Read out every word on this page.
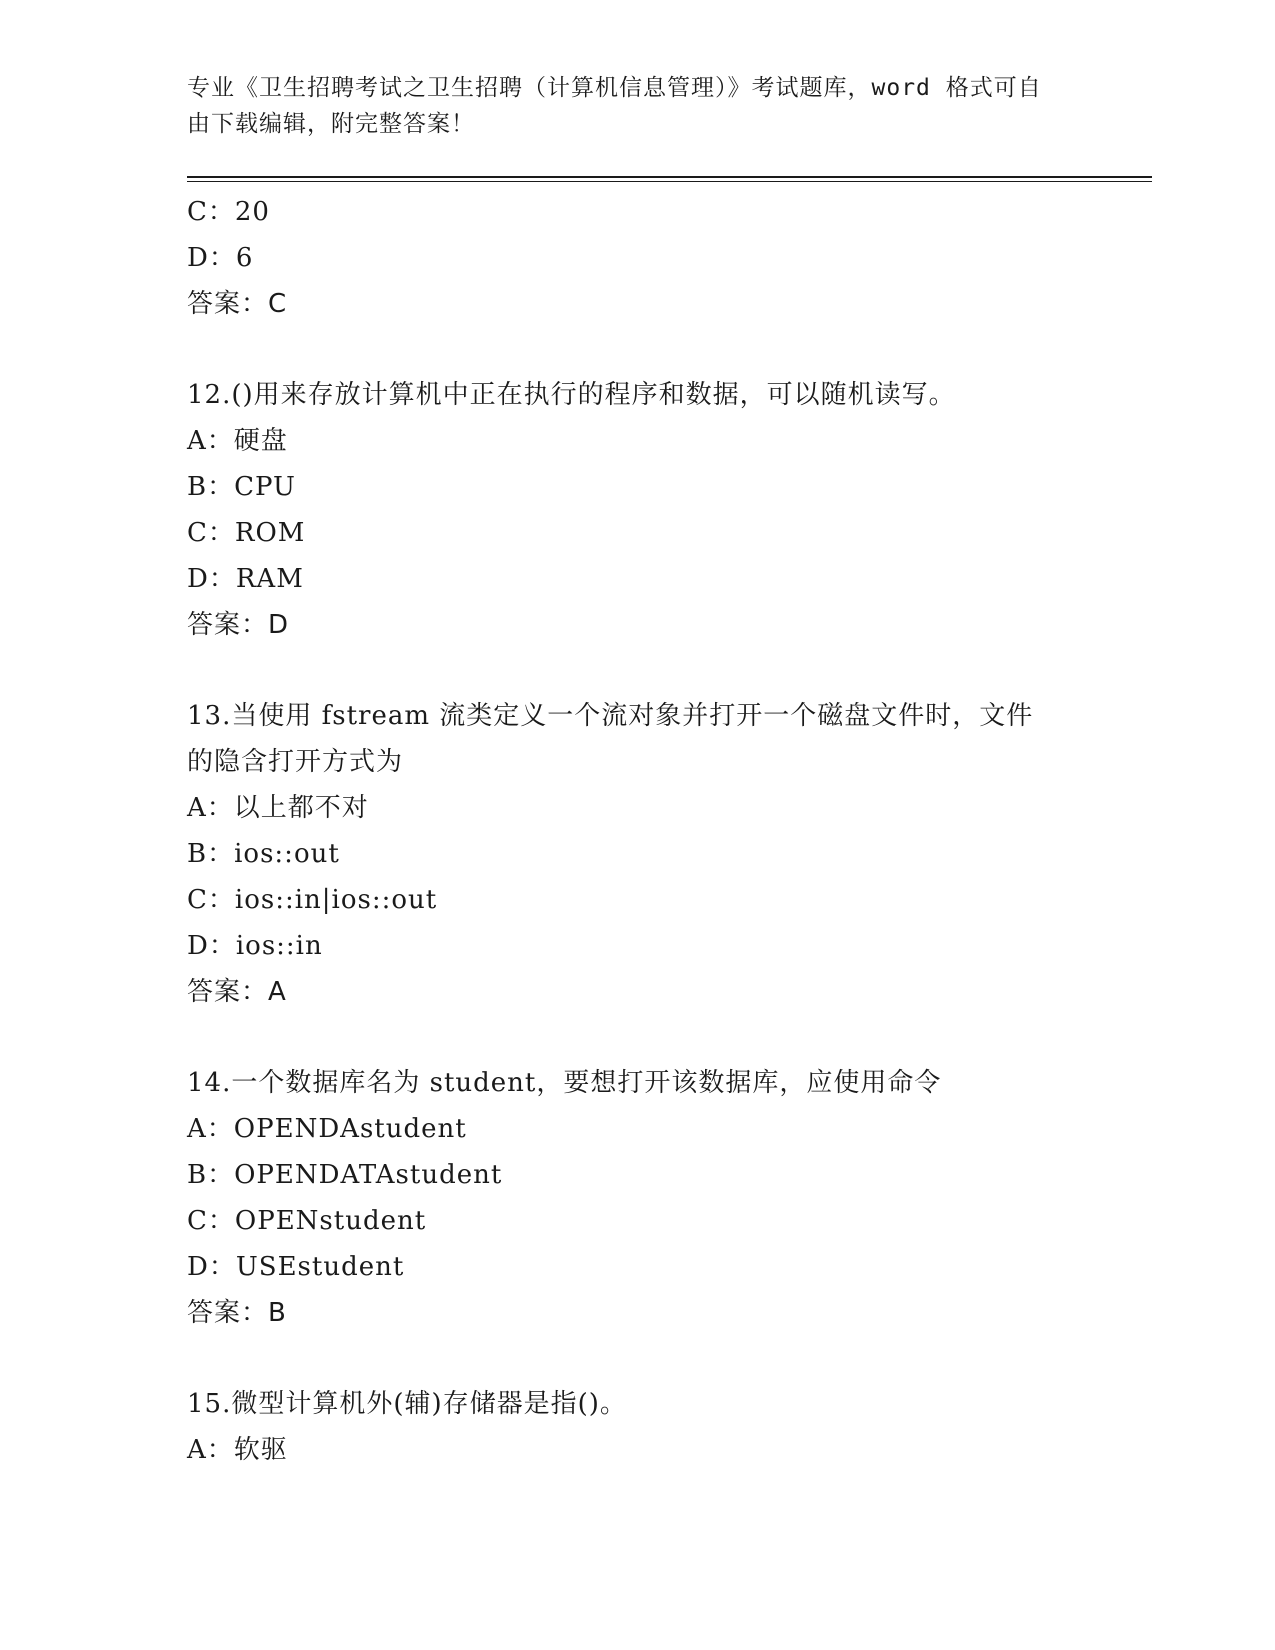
专业《卫生招聘考试之卫生招聘（计算机信息管理）》考试题库，word 格式可自
由下载编辑，附完整答案！
C：20
D：6
答案：C
12.()用来存放计算机中正在执行的程序和数据，可以随机读写。
A：硬盘
B：CPU
C：ROM
D：RAM
答案：D
13.当使用 fstream 流类定义一个流对象并打开一个磁盘文件时，文件
的隐含打开方式为
A：以上都不对
B：ios::out
C：ios::in|ios::out
D：ios::in
答案：A
14.一个数据库名为 student，要想打开该数据库，应使用命令
A：OPENDAstudent
B：OPENDATAstudent
C：OPENstudent
D：USEstudent
答案：B
15.微型计算机外(辅)存储器是指()。
A：软驱
